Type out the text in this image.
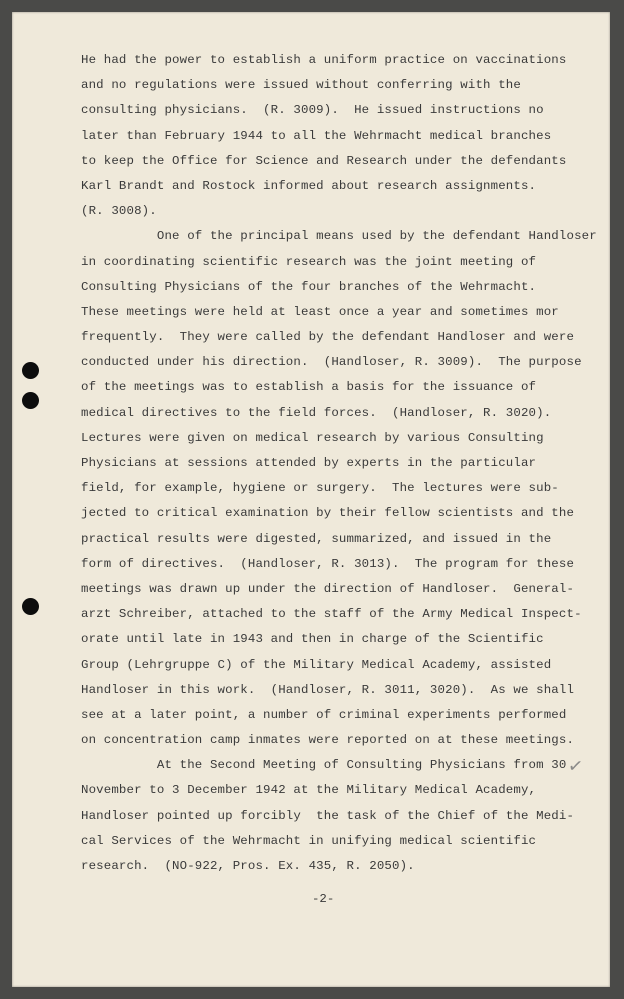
He had the power to establish a uniform practice on vaccinations
and no regulations were issued without conferring with the
consulting physicians.  (R. 3009).  He issued instructions no
later than February 1944 to all the Wehrmacht medical branches
to keep the Office for Science and Research under the defendants
Karl Brandt and Rostock informed about research assignments.
(R. 3008).
One of the principal means used by the defendant Handloser
in coordinating scientific research was the joint meeting of
Consulting Physicians of the four branches of the Wehrmacht.
These meetings were held at least once a year and sometimes mor
frequently.  They were called by the defendant Handloser and were
conducted under his direction.  (Handloser, R. 3009).  The purpose
of the meetings was to establish a basis for the issuance of
medical directives to the field forces.  (Handloser, R. 3020).
Lectures were given on medical research by various Consulting
Physicians at sessions attended by experts in the particular
field, for example, hygiene or surgery.  The lectures were sub-
jected to critical examination by their fellow scientists and the
practical results were digested, summarized, and issued in the
form of directives.  (Handloser, R. 3013).  The program for these
meetings was drawn up under the direction of Handloser.  General-
arzt Schreiber, attached to the staff of the Army Medical Inspect-
orate until late in 1943 and then in charge of the Scientific
Group (Lehrgruppe C) of the Military Medical Academy, assisted
Handloser in this work.  (Handloser, R. 3011, 3020).  As we shall
see at a later point, a number of criminal experiments performed
on concentration camp inmates were reported on at these meetings.
At the Second Meeting of Consulting Physicians from 30
November to 3 December 1942 at the Military Medical Academy,
Handloser pointed up forcibly  the task of the Chief of the Medi-
cal Services of the Wehrmacht in unifying medical scientific
research.  (NO-922, Pros. Ex. 435, R. 2050).
✓
-2-
